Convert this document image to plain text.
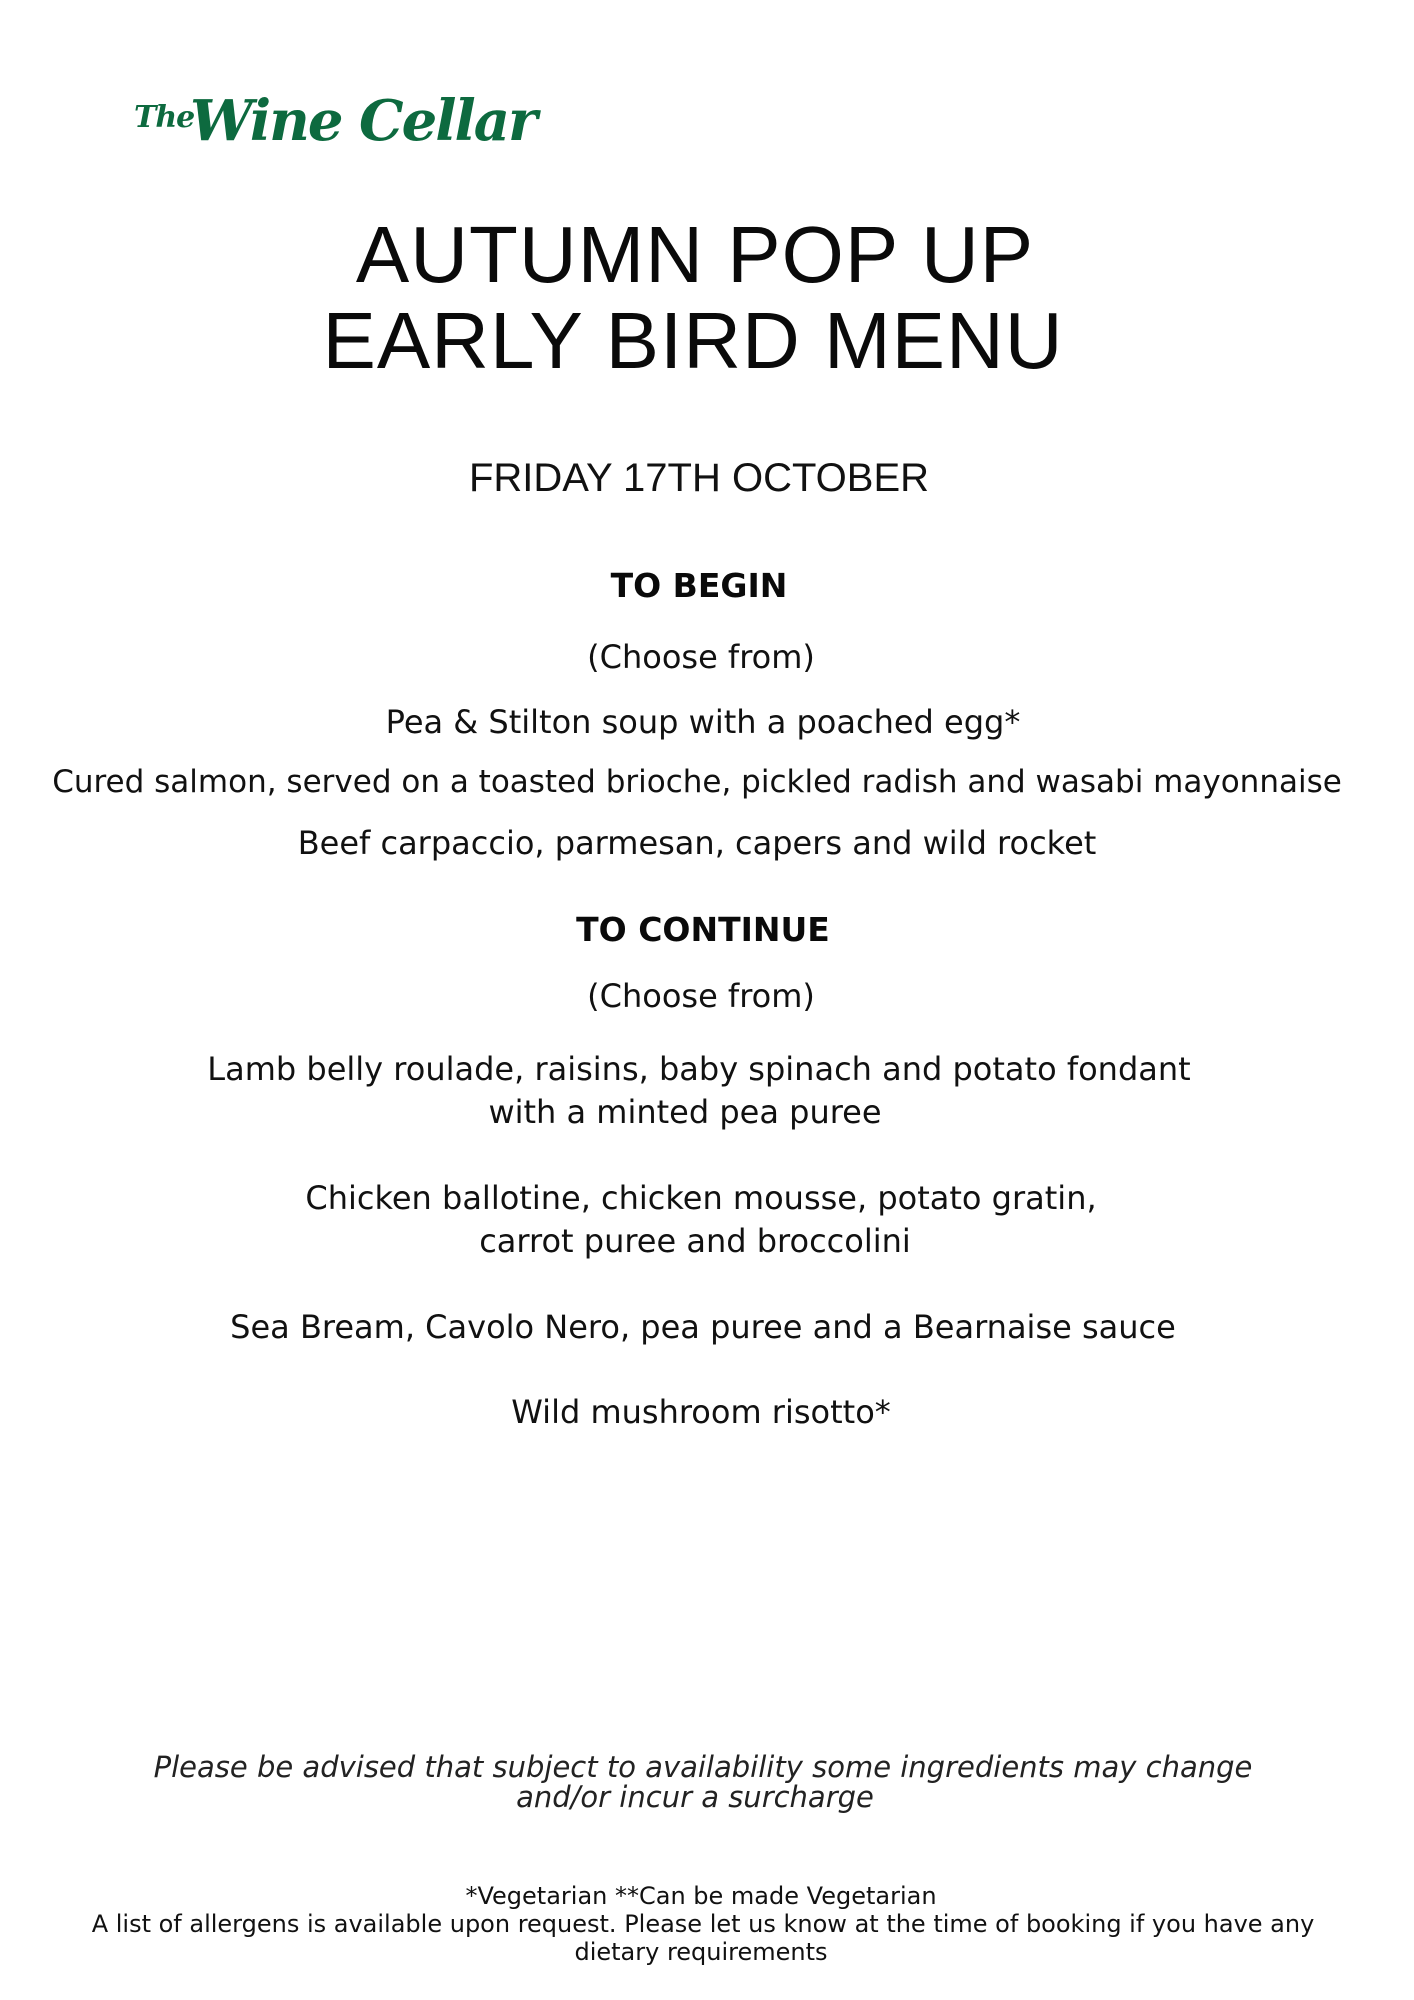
The
Wine Cellar
AUTUMN POP UP
EARLY BIRD MENU
FRIDAY 17TH OCTOBER
TO BEGIN
(Choose from)
Pea & Stilton soup with a poached egg*
Cured salmon, served on a toasted brioche, pickled radish and wasabi mayonnaise
Beef carpaccio, parmesan, capers and wild rocket
TO CONTINUE
(Choose from)
Lamb belly roulade, raisins, baby spinach and potato fondant
with a minted pea puree
Chicken ballotine, chicken mousse, potato gratin,
carrot puree and broccolini
Sea Bream, Cavolo Nero, pea puree and a Bearnaise sauce
Wild mushroom risotto*
Please be advised that subject to availability some ingredients may change
and/or incur a surcharge
*Vegetarian **Can be made Vegetarian
A list of allergens is available upon request. Please let us know at the time of booking if you have any
dietary requirements
